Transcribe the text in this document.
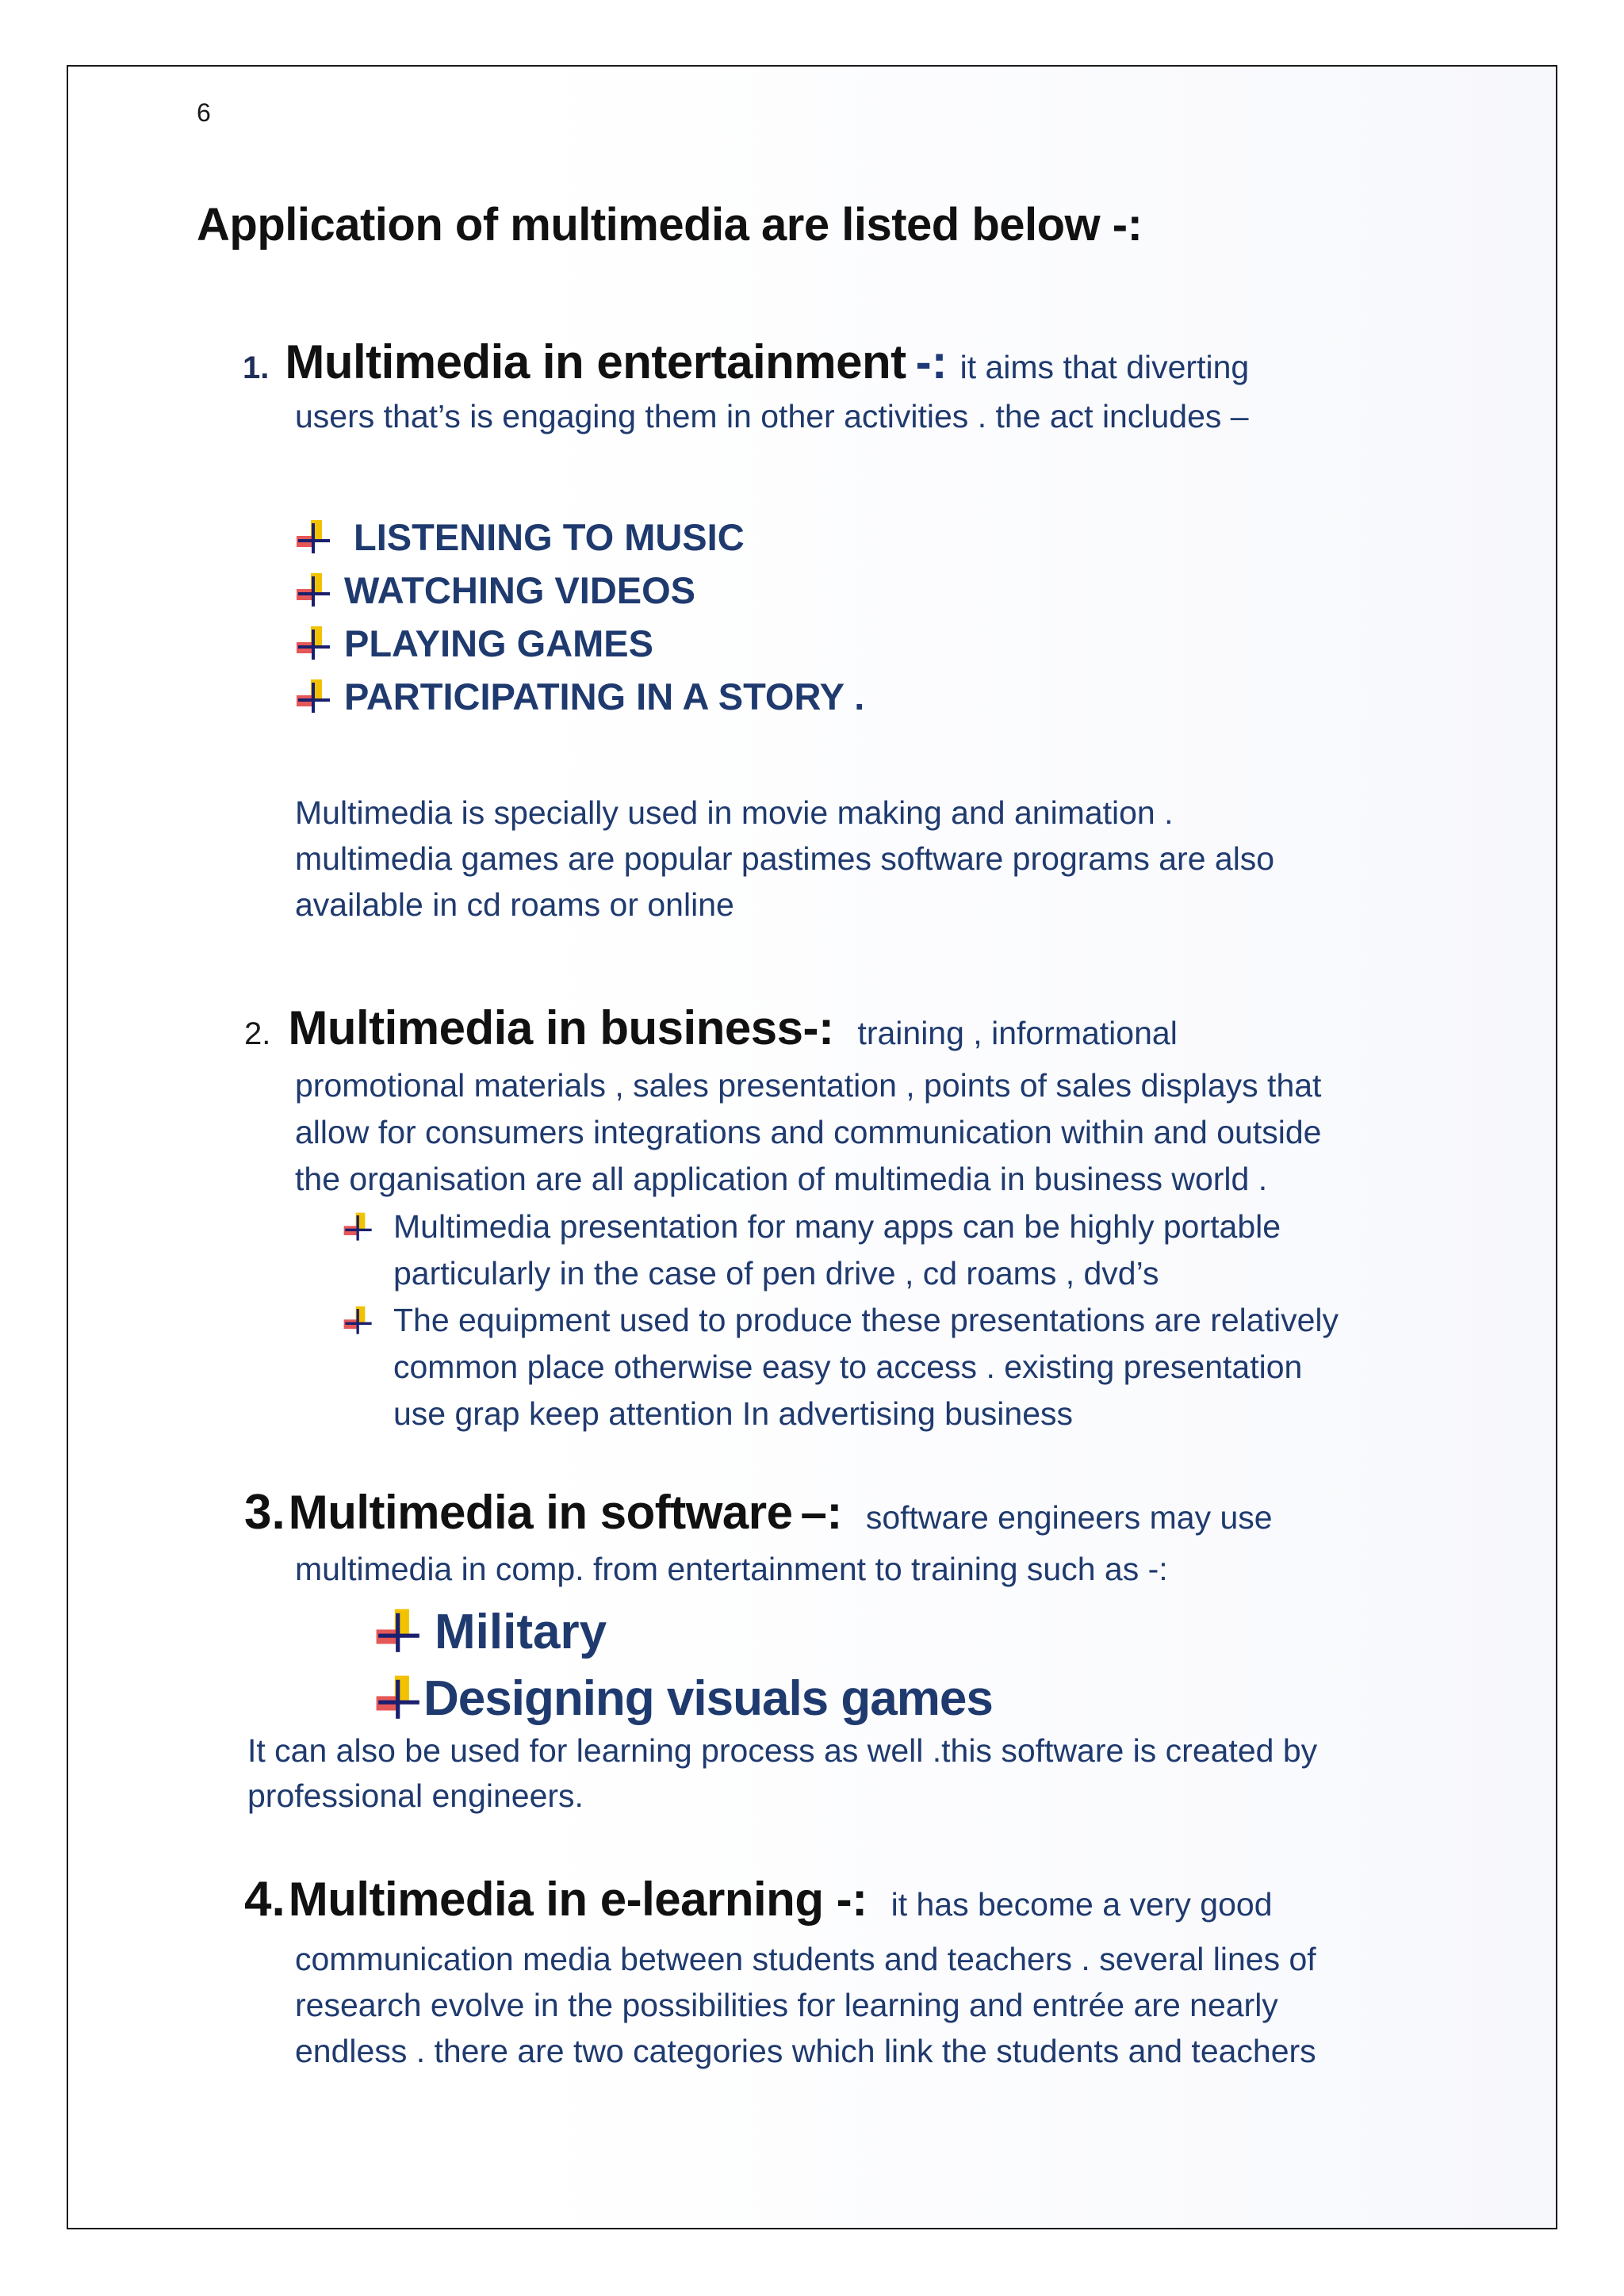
6
Application of multimedia are listed below -:
1. Multimedia in entertainment -: it aims that diverting
users that’s is engaging them in other activities . the act includes –
LISTENING TO MUSIC
WATCHING VIDEOS
PLAYING GAMES
PARTICIPATING IN A STORY .
Multimedia is specially used in movie making and animation .
multimedia games are popular pastimes software programs are also
available in cd roams or online
2. Multimedia in business-: training , informational
promotional materials , sales presentation , points of sales displays that
allow for consumers integrations and communication within and outside
the organisation are all application of multimedia in business world .
Multimedia presentation for many apps can be highly portable
particularly in the case of pen drive , cd roams , dvd’s
The equipment used to produce these presentations are relatively
common place otherwise easy to access . existing presentation
use grap keep attention In advertising business
3.Multimedia in software –: software engineers may use
multimedia in comp. from entertainment to training such as -:
Military
Designing visuals games
It can also be used for learning process as well .this software is created by
professional engineers.
4.Multimedia in e-learning -: it has become a very good
communication media between students and teachers . several lines of
research evolve in the possibilities for learning and entrée are nearly
endless . there are two categories which link the students and teachers
